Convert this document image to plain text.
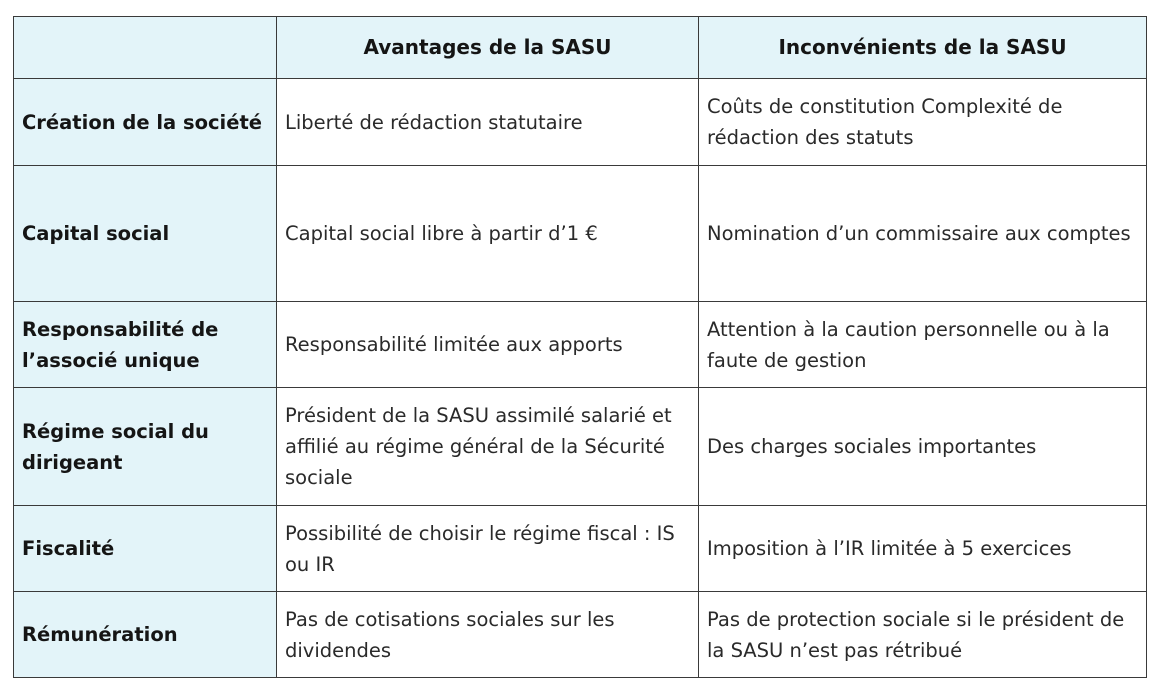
	Avantages de la SASU	Inconvénients de la SASU
Création de la société	Liberté de rédaction statutaire	Coûts de constitution Complexité de rédaction des statuts
Capital social	Capital social libre à partir d’1 €	Nomination d’un commissaire aux comptes
Responsabilité de l’associé unique	Responsabilité limitée aux apports	Attention à la caution personnelle ou à la faute de gestion
Régime social du dirigeant	Président de la SASU assimilé salarié et affilié au régime général de la Sécurité sociale	Des charges sociales importantes
Fiscalité	Possibilité de choisir le régime fiscal : IS ou IR	Imposition à l’IR limitée à 5 exercices
Rémunération	Pas de cotisations sociales sur les dividendes	Pas de protection sociale si le président de la SASU n’est pas rétribué
